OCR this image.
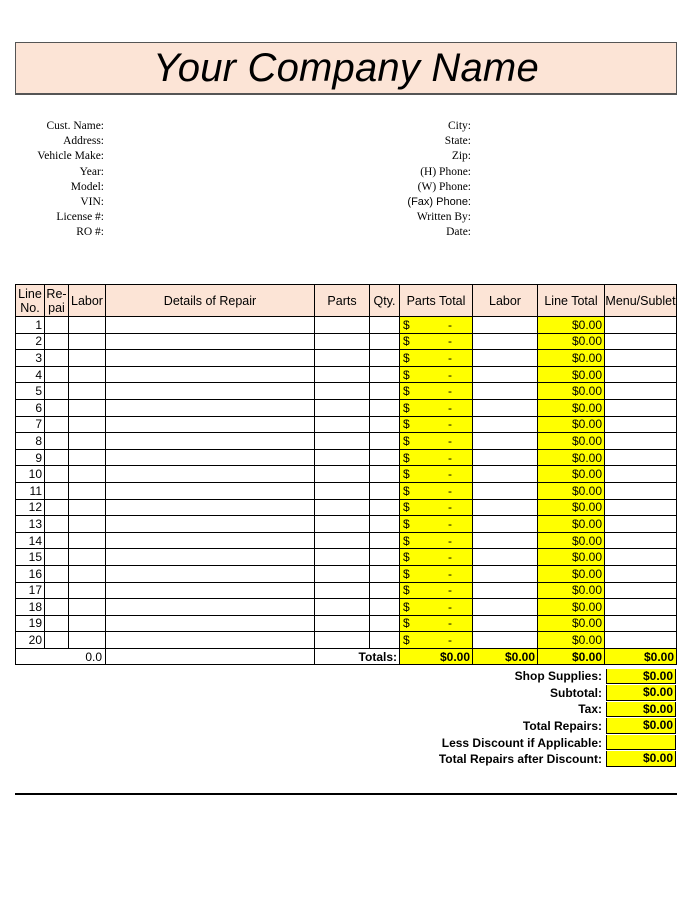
Your Company Name
Cust. Name:
Address:
Vehicle Make:
Year:
Model:
VIN:
License #:
RO #:
City:
State:
Zip:
(H) Phone:
(W) Phone:
(Fax) Phone:
Written By:
Date:
Line No.	Re-pai	Labor	Details of Repair	Parts	Qty.	Parts Total	Labor	Line Total	Menu/Sublet
1						$ -		$0.00	
2						$ -		$0.00	
3						$ -		$0.00	
4						$ -		$0.00	
5						$ -		$0.00	
6						$ -		$0.00	
7						$ -		$0.00	
8						$ -		$0.00	
9						$ -		$0.00	
10						$ -		$0.00	
11						$ -		$0.00	
12						$ -		$0.00	
13						$ -		$0.00	
14						$ -		$0.00	
15						$ -		$0.00	
16						$ -		$0.00	
17						$ -		$0.00	
18						$ -		$0.00	
19						$ -		$0.00	
20						$ -		$0.00	
0.0				Totals:		$0.00	$0.00	$0.00	$0.00
Shop Supplies:	$0.00
Subtotal:	$0.00
Tax:	$0.00
Total Repairs:	$0.00
Less Discount if Applicable:
Total Repairs after Discount:	$0.00
